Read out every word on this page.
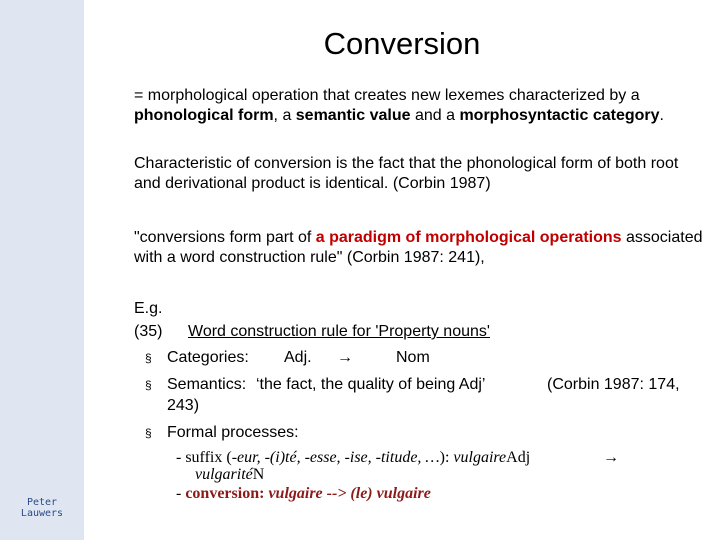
Peter
Lauwers
Conversion
= morphological operation that creates new lexemes characterized by a phonological form, a semantic value and a morphosyntactic category.
Characteristic of conversion is the fact that the phonological form of both root and derivational product is identical. (Corbin 1987)
"conversions form part of a paradigm of morphological operations associated with a word construction rule" (Corbin 1987: 241),
E.g.
(35) Word construction rule for 'Property nouns'
§ Categories: Adj. →	Nom
§ Semantics: ‘the fact, the quality of being Adj’	(Corbin 1987: 174,
243)
§ Formal processes:
- suffix (-eur, -(i)té, -esse, -ise, -titude, …): vulgaireAdj	→
vulgaritéN
- conversion: vulgaire --> (le) vulgaire
